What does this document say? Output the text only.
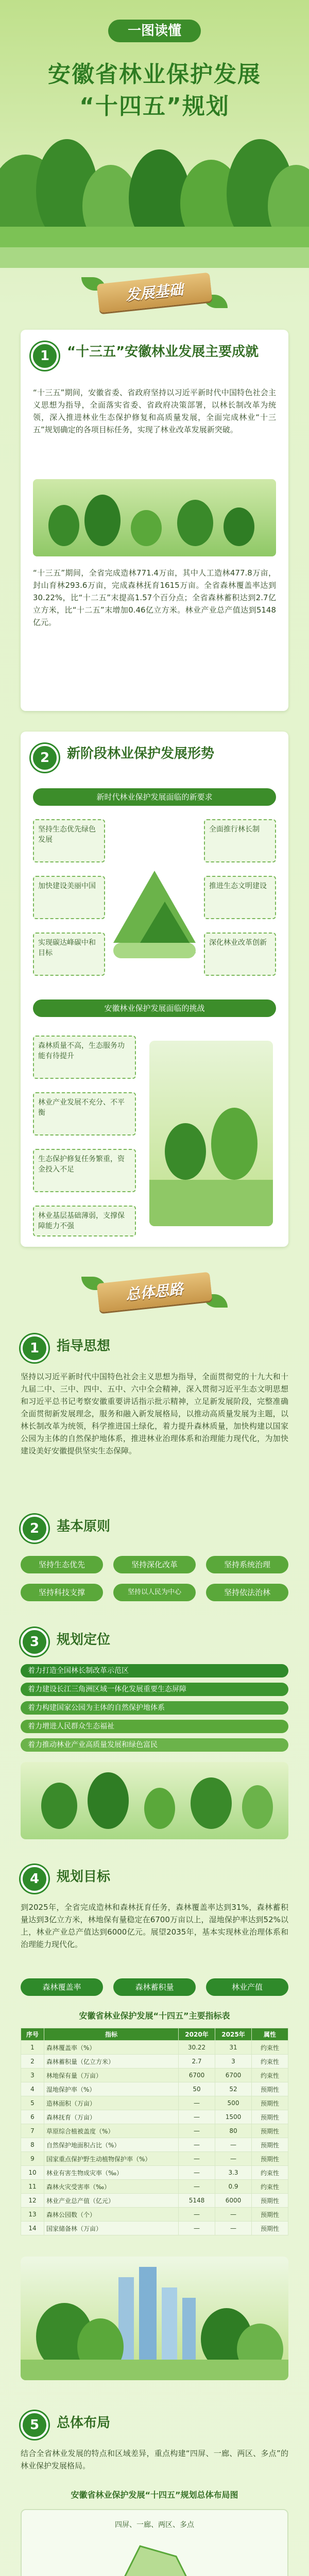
一图读懂
安徽省林业保护发展
“十四五”规划
发展基础
1	“十三五”安徽林业发展主要成就
“十三五”期间，安徽省委、省政府坚持以习近平新时代中国特色社会主义思想为指导，全面落实省委、省政府决策部署，以林长制改革为统领，深入推进林业生态保护修复和高质量发展，全面完成林业“十三五”规划确定的各项目标任务，实现了林业改革发展新突破。
“十三五”期间，全省完成造林771.4万亩，其中人工造林477.8万亩，封山育林293.6万亩，完成森林抚育1615万亩。全省森林覆盖率达到30.22%，比“十二五”末提高1.57个百分点；全省森林蓄积达到2.7亿立方米，比“十二五”末增加0.46亿立方米。林业产业总产值达到5148亿元。
2	新阶段林业保护发展形势
新时代林业保护发展面临的新要求
坚持生态优先绿色发展
全面推行林长制
加快建设美丽中国	推进生态文明建设
实现碳达峰碳中和目标
深化林业改革创新
安徽林业保护发展面临的挑战
森林质量不高，生态服务功能有待提升
林业产业发展不充分、不平衡
生态保护修复任务繁重，资金投入不足
林业基层基础薄弱，支撑保障能力不强
总体思路
1	指导思想
坚持以习近平新时代中国特色社会主义思想为指导，全面贯彻党的十九大和十九届二中、三中、四中、五中、六中全会精神，深入贯彻习近平生态文明思想和习近平总书记考察安徽重要讲话指示批示精神，立足新发展阶段，完整准确全面贯彻新发展理念，服务和融入新发展格局，以推动高质量发展为主题，以林长制改革为统领，科学推进国土绿化，着力提升森林质量，加快构建以国家公园为主体的自然保护地体系，推进林业治理体系和治理能力现代化，为加快建设美好安徽提供坚实生态保障。
2	基本原则
坚持生态优先	坚持深化改革	坚持系统治理
坚持科技支撑	坚持以人民为中心	坚持依法治林
3	规划定位
着力打造全国林长制改革示范区
着力建设长江三角洲区域一体化发展重要生态屏障
着力构建国家公园为主体的自然保护地体系
着力增进人民群众生态福祉
着力推动林业产业高质量发展和绿色富民
4	规划目标
到2025年，全省完成造林和森林抚育任务，森林覆盖率达到31%，森林蓄积量达到3亿立方米，林地保有量稳定在6700万亩以上，湿地保护率达到52%以上，林业产业总产值达到6000亿元。展望2035年，基本实现林业治理体系和治理能力现代化。
森林覆盖率	森林蓄积量	林业产值
安徽省林业保护发展“十四五”主要指标表
序号	指标	2020年	2025年	属性
1	森林覆盖率（%）	30.22	31	约束性
2	森林蓄积量（亿立方米）	2.7	3	约束性
3	林地保有量（万亩）	6700	6700	约束性
4	湿地保护率（%）	50	52	预期性
5	造林面积（万亩）	—	500	预期性
6	森林抚育（万亩）	—	1500	预期性
7	草原综合植被盖度（%）	—	80	预期性
8	自然保护地面积占比（%）	—	—	预期性
9	国家重点保护野生动植物保护率（%）	—	—	预期性
10	林业有害生物成灾率（‰）	—	3.3	约束性
11	森林火灾受害率（‰）	—	0.9	约束性
12	林业产业总产值（亿元）	5148	6000	预期性
13	森林公园数（个）	—	—	预期性
14	国家储备林（万亩）	—	—	预期性
5	总体布局
结合全省林业发展的特点和区域差异，重点构建“四屏、一廊、两区、多点”的林业保护发展格局。
安徽省林业保护发展“十四五”规划总体布局图
四屏、一廊、两区、多点
